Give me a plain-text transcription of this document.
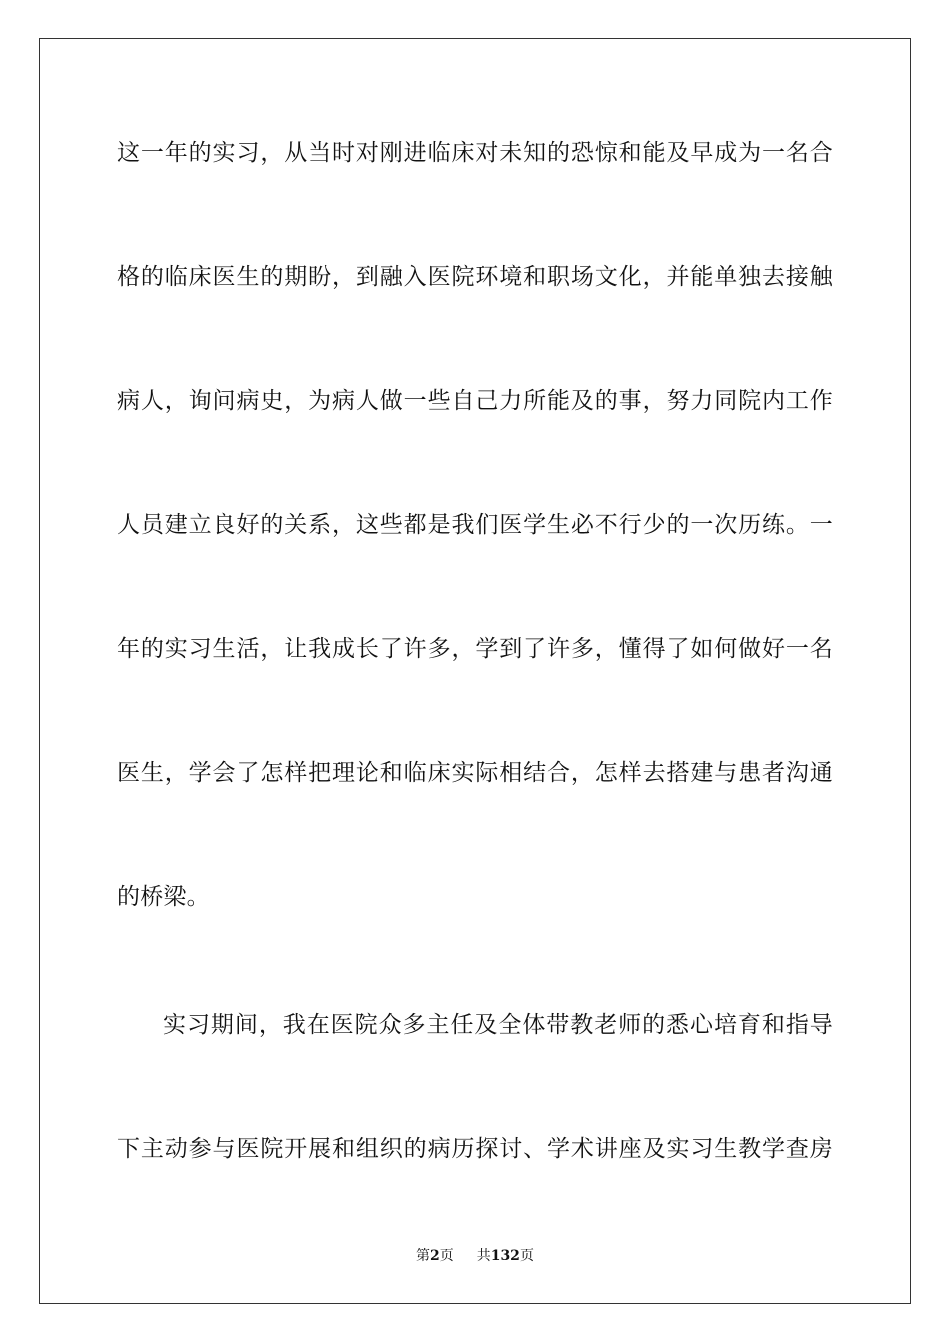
这一年的实习，从当时对刚进临床对未知的恐惊和能及早成为一名合
格的临床医生的期盼，到融入医院环境和职场文化，并能单独去接触
病人，询问病史，为病人做一些自己力所能及的事，努力同院内工作
人员建立良好的关系，这些都是我们医学生必不行少的一次历练。一
年的实习生活，让我成长了许多，学到了许多，懂得了如何做好一名
医生，学会了怎样把理论和临床实际相结合，怎样去搭建与患者沟通
的桥梁。
实习期间，我在医院众多主任及全体带教老师的悉心培育和指导
下主动参与医院开展和组织的病历探讨、学术讲座及实习生教学查房
第2页 共132页
